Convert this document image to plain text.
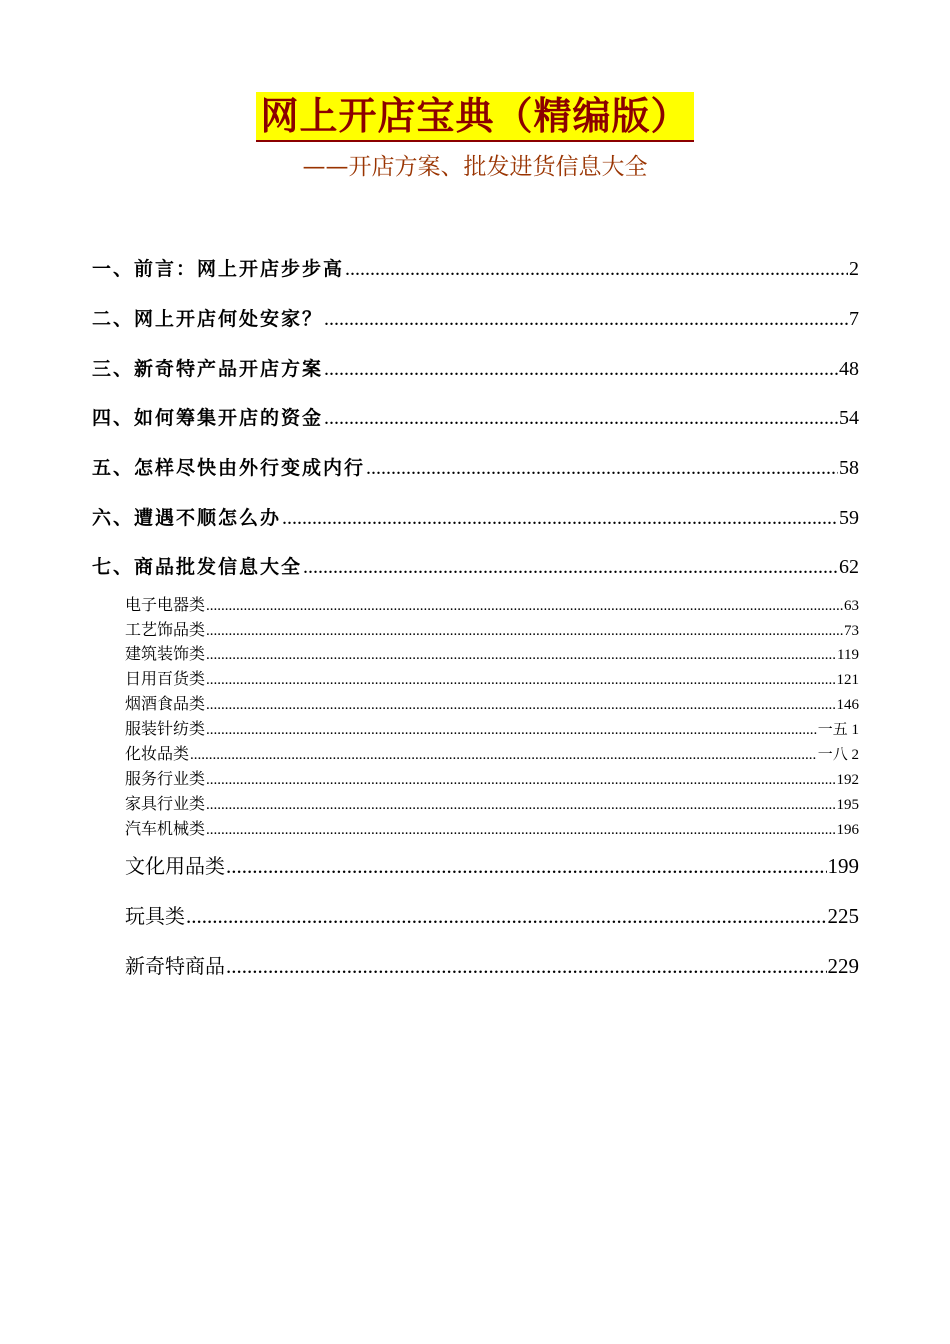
网上开店宝典（精编版）
——开店方案、批发进货信息大全
一、前言：网上开店步步高 .....	2
二、网上开店何处安家？ .....	7
三、新奇特产品开店方案 .....	48
四、如何筹集开店的资金 .....	54
五、怎样尽快由外行变成内行 .....	58
六、遭遇不顺怎么办 .....	59
七、商品批发信息大全 .....	62
电子电器类 .....	63
工艺饰品类 .....	73
建筑装饰类 .....	119
日用百货类 .....	121
烟酒食品类 .....	146
服装针纺类 .....	一五 1
化妆品类 .....	一八 2
服务行业类 .....	192
家具行业类 .....	195
汽车机械类 .....	196
文化用品类 .....	199
玩具类 .....	225
新奇特商品 .....	229
